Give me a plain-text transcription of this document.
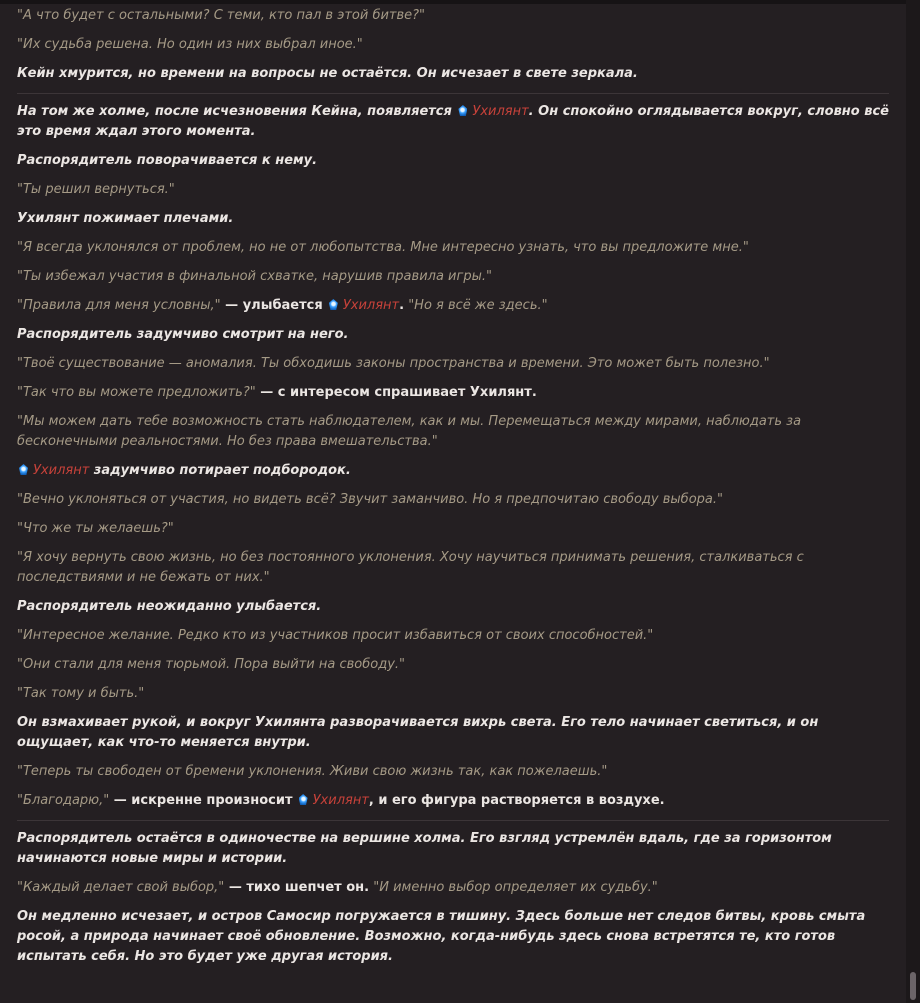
"А что будет с остальными? С теми, кто пал в этой битве?"

"Их судьба решена. Но один из них выбрал иное."

Кейн хмурится, но времени на вопросы не остаётся. Он исчезает в свете зеркала.

На том же холме, после исчезновения Кейна, появляется Ухилянт. Он спокойно оглядывается вокруг, словно всё это время ждал этого момента.

Распорядитель поворачивается к нему.

"Ты решил вернуться."

Ухилянт пожимает плечами.

"Я всегда уклонялся от проблем, но не от любопытства. Мне интересно узнать, что вы предложите мне."

"Ты избежал участия в финальной схватке, нарушив правила игры."

"Правила для меня условны," — улыбается Ухилянт. "Но я всё же здесь."

Распорядитель задумчиво смотрит на него.

"Твоё существование — аномалия. Ты обходишь законы пространства и времени. Это может быть полезно."

"Так что вы можете предложить?" — с интересом спрашивает Ухилянт.

"Мы можем дать тебе возможность стать наблюдателем, как и мы. Перемещаться между мирами, наблюдать за бесконечными реальностями. Но без права вмешательства."

Ухилянт задумчиво потирает подбородок.

"Вечно уклоняться от участия, но видеть всё? Звучит заманчиво. Но я предпочитаю свободу выбора."

"Что же ты желаешь?"

"Я хочу вернуть свою жизнь, но без постоянного уклонения. Хочу научиться принимать решения, сталкиваться с последствиями и не бежать от них."

Распорядитель неожиданно улыбается.

"Интересное желание. Редко кто из участников просит избавиться от своих способностей."

"Они стали для меня тюрьмой. Пора выйти на свободу."

"Так тому и быть."

Он взмахивает рукой, и вокруг Ухилянта разворачивается вихрь света. Его тело начинает светиться, и он ощущает, как что-то меняется внутри.

"Теперь ты свободен от бремени уклонения. Живи свою жизнь так, как пожелаешь."

"Благодарю," — искренне произносит Ухилянт, и его фигура растворяется в воздухе.

Распорядитель остаётся в одиночестве на вершине холма. Его взгляд устремлён вдаль, где за горизонтом начинаются новые миры и истории.

"Каждый делает свой выбор," — тихо шепчет он. "И именно выбор определяет их судьбу."

Он медленно исчезает, и остров Самосир погружается в тишину. Здесь больше нет следов битвы, кровь смыта росой, а природа начинает своё обновление. Возможно, когда-нибудь здесь снова встретятся те, кто готов испытать себя. Но это будет уже другая история.
